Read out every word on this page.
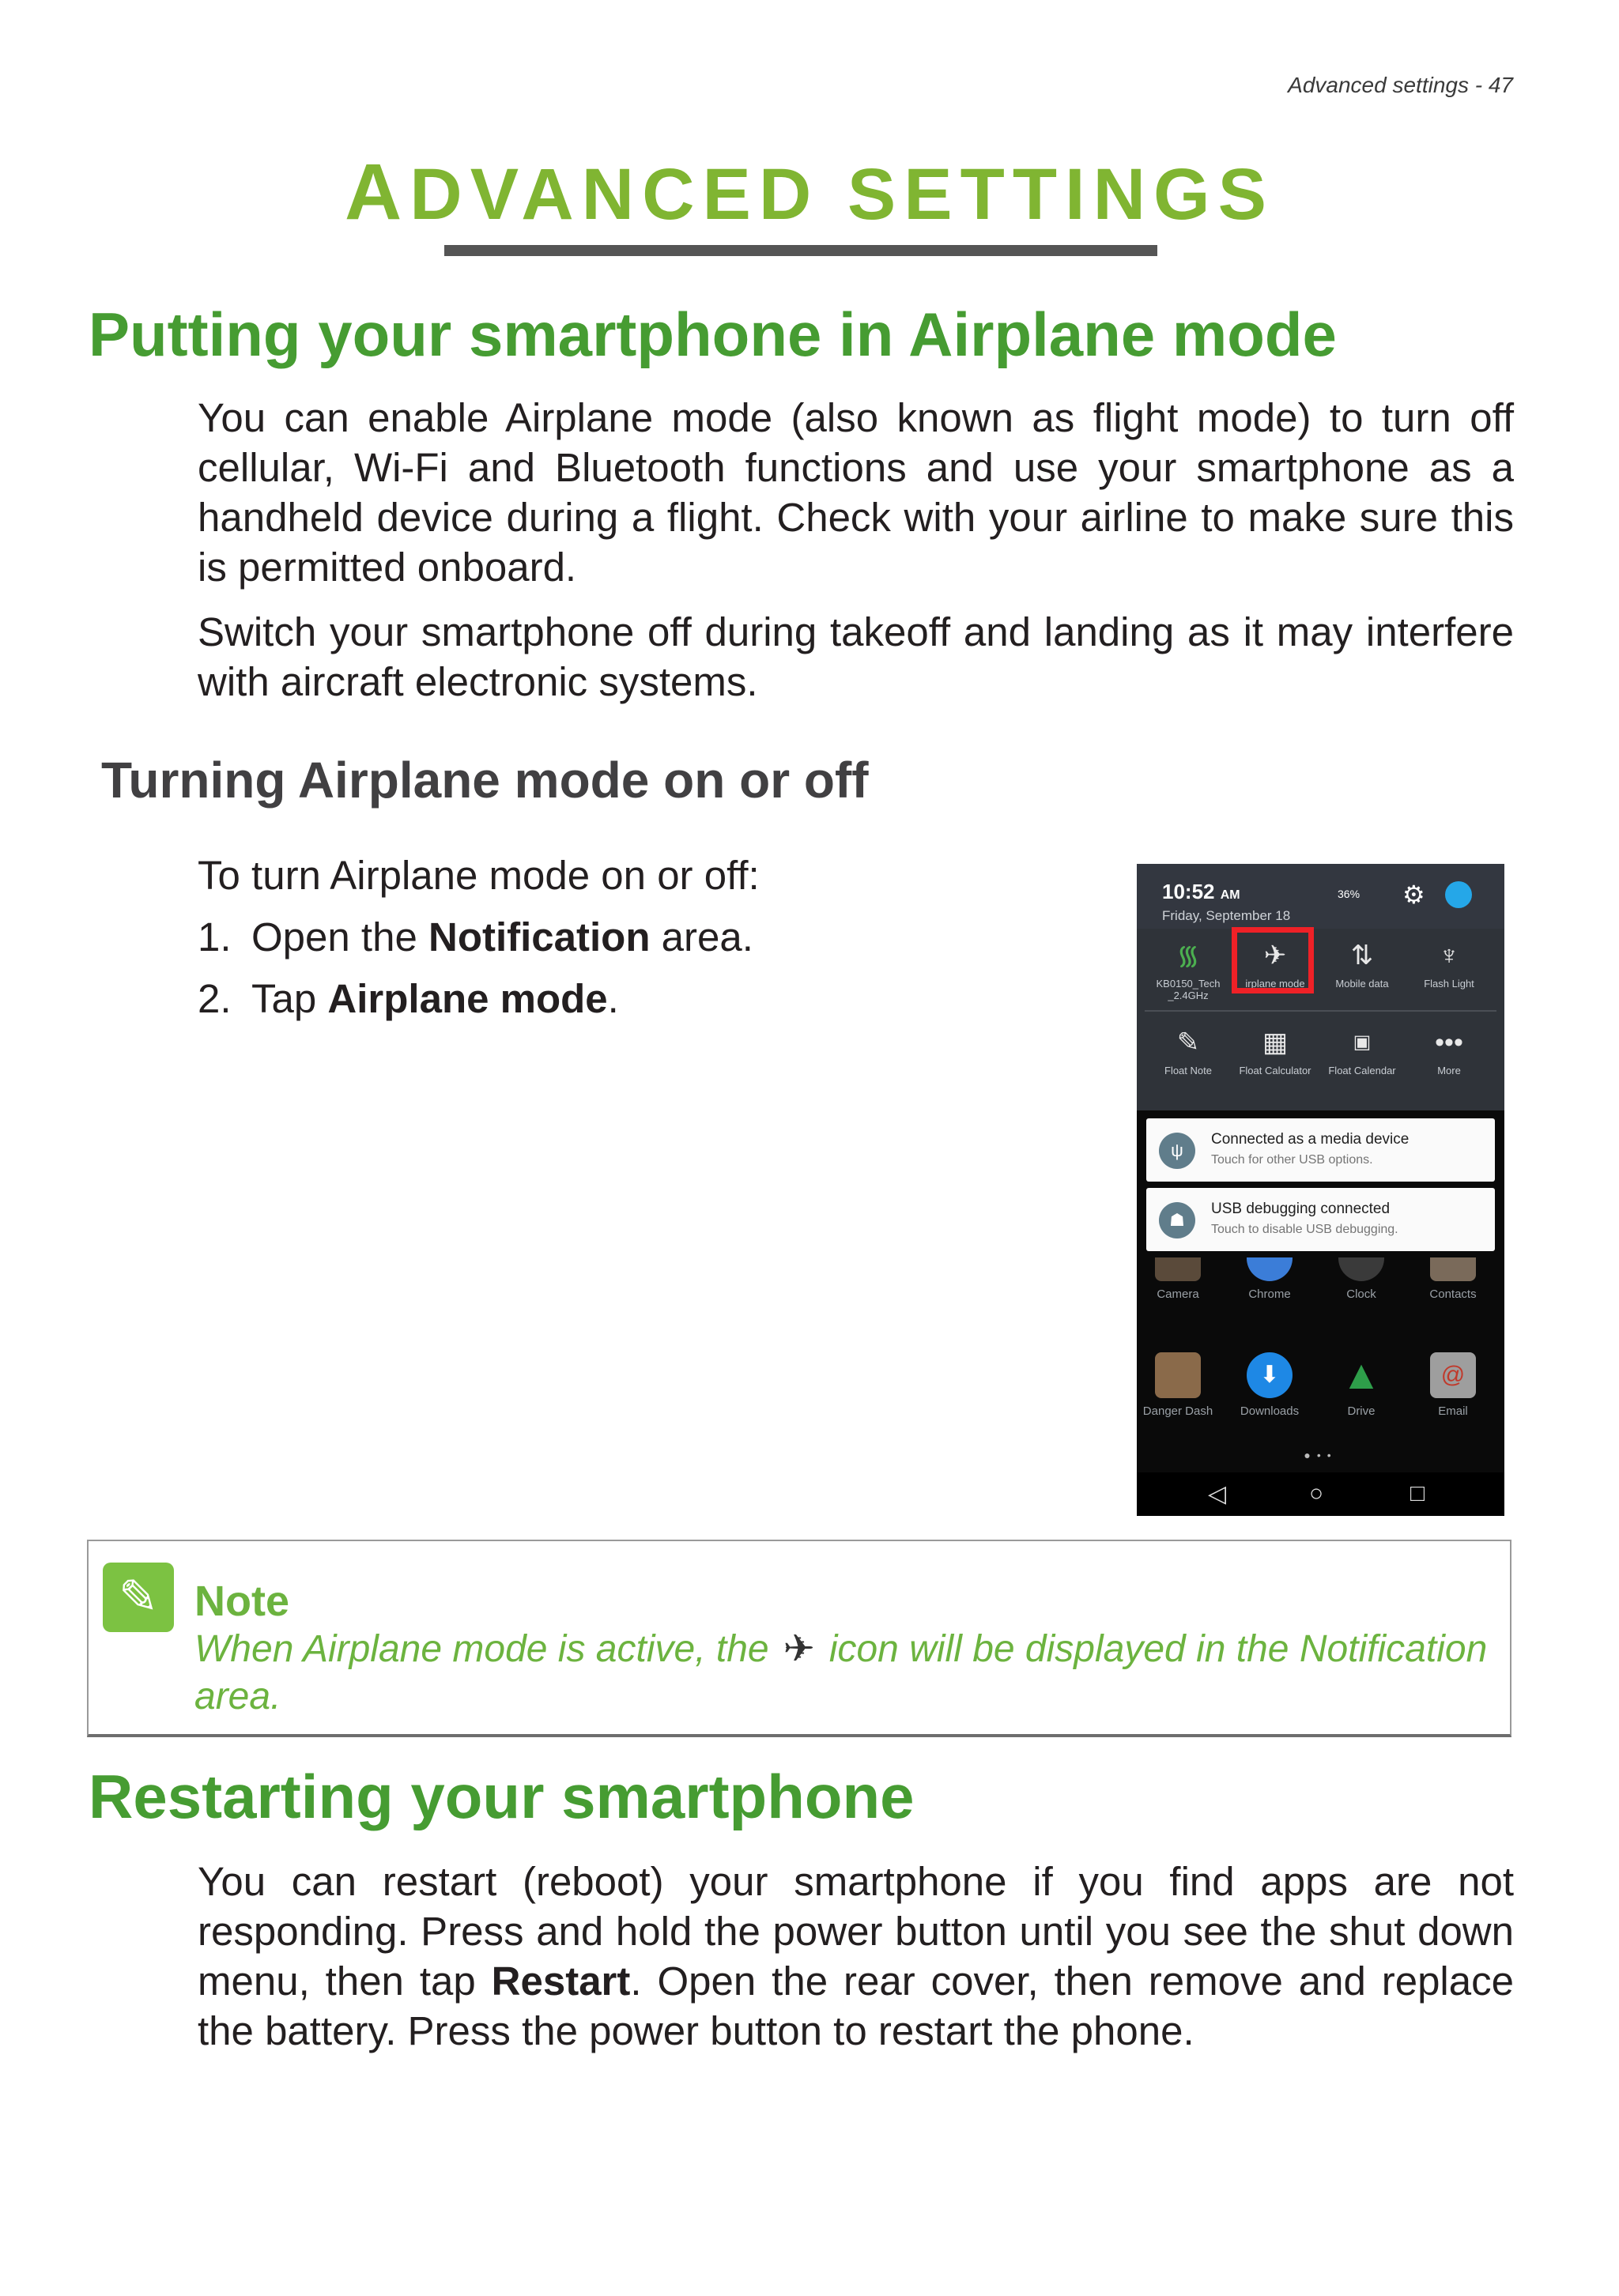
Advanced settings - 47
ADVANCED SETTINGS
Putting your smartphone in Airplane mode

You can enable Airplane mode (also known as flight mode) to turn off cellular, Wi-Fi and Bluetooth functions and use your smartphone as a handheld device during a flight. Check with your airline to make sure this is permitted onboard.

Switch your smartphone off during takeoff and landing as it may interfere with aircraft electronic systems.

Turning Airplane mode on or off
To turn Airplane mode on or off:
1. Open the Notification area.
2. Tap Airplane mode.
10:52 AM
Friday, September 18
36% ⚙
᯾
KB0150_Tech _2.4GHz
✈
irplane mode
⇅
Mobile data
♆
Flash Light
✎
Float Note
▦
Float Calculator
▣
Float Calendar
•••
More
ψ
Connected as a media device
Touch for other USB options.
☗
USB debugging connected
Touch to disable USB debugging.
Camera	Chrome	Clock	Contacts
Danger Dash
⬇
Downloads
▲
Drive
@
Email
●••
◁	○	□
✎ Note
When Airplane mode is active, the ✈ icon will be displayed in the Notification area.
Restarting your smartphone

You can restart (reboot) your smartphone if you find apps are not responding. Press and hold the power button until you see the shut down menu, then tap Restart. Open the rear cover, then remove and replace the battery. Press the power button to restart the phone.
